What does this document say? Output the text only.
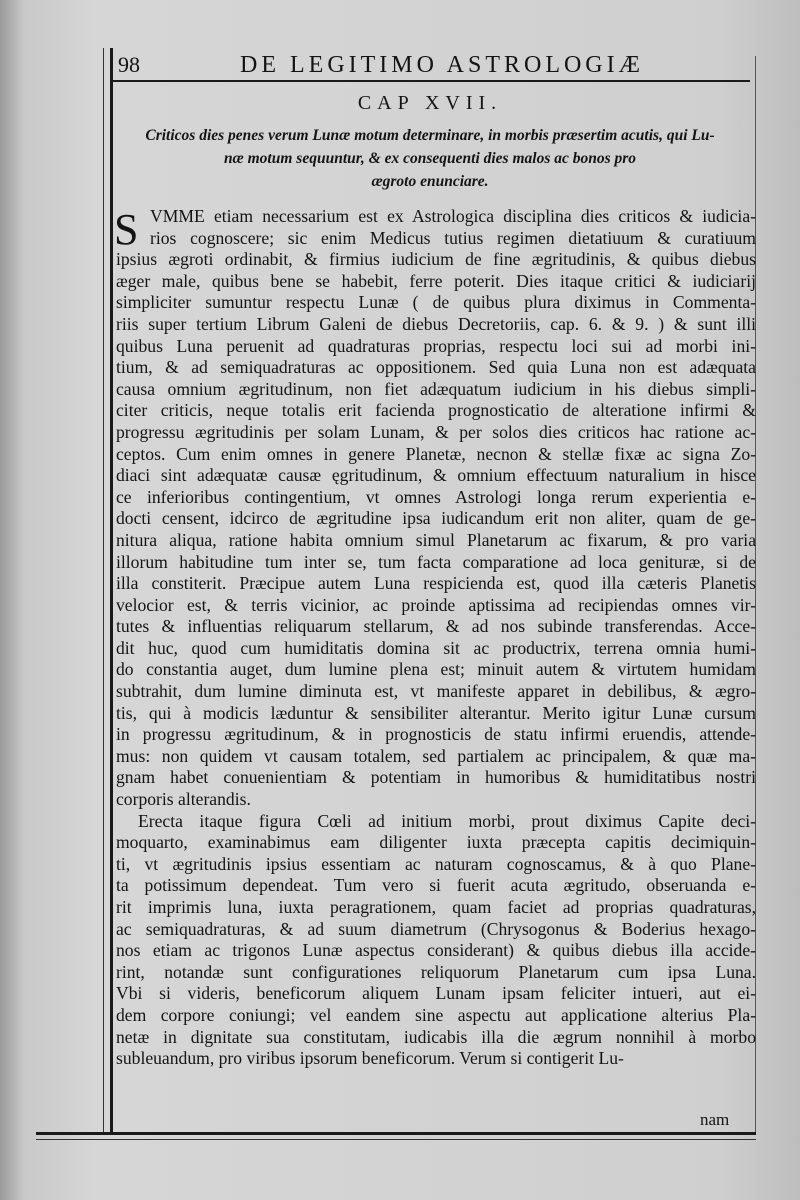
98	DE LEGITIMO ASTROLOGIÆ
CAP XVII.
Criticos dies penes verum Lunæ motum determinare, in morbis præsertim acutis, qui Lu-
næ motum sequuntur, & ex consequenti dies malos ac bonos pro
ægroto enunciare.
VMME etiam necessarium est ex Astrologica disciplina dies criticos & iudicia-
S rios cognoscere; sic enim Medicus tutius regimen dietatiuum & curatiuum
ipsius ægroti ordinabit, & firmius iudicium de fine ægritudinis, & quibus diebus
æger male, quibus bene se habebit, ferre poterit. Dies itaque critici & iudiciarij
simpliciter sumuntur respectu Lunæ ( de quibus plura diximus in Commenta-
riis super tertium Librum Galeni de diebus Decretoriis, cap. 6. & 9. ) & sunt illi
quibus Luna peruenit ad quadraturas proprias, respectu loci sui ad morbi ini-
tium, & ad semiquadraturas ac oppositionem. Sed quia Luna non est adæquata
causa omnium ægritudinum, non fiet adæquatum iudicium in his diebus simpli-
citer criticis, neque totalis erit facienda prognosticatio de alteratione infirmi &
progressu ægritudinis per solam Lunam, & per solos dies criticos hac ratione ac-
ceptos. Cum enim omnes in genere Planetæ, necnon & stellæ fixæ ac signa Zo-
diaci sint adæquatæ causæ ęgritudinum, & omnium effectuum naturalium in hisce
ce inferioribus contingentium, vt omnes Astrologi longa rerum experientia e-
docti censent, idcirco de ægritudine ipsa iudicandum erit non aliter, quam de ge-
nitura aliqua, ratione habita omnium simul Planetarum ac fixarum, & pro varia
illorum habitudine tum inter se, tum facta comparatione ad loca genituræ, si de
illa constiterit. Præcipue autem Luna respicienda est, quod illa cæteris Planetis
velocior est, & terris vicinior, ac proinde aptissima ad recipiendas omnes vir-
tutes & influentias reliquarum stellarum, & ad nos subinde transferendas. Acce-
dit huc, quod cum humiditatis domina sit ac productrix, terrena omnia humi-
do constantia auget, dum lumine plena est; minuit autem & virtutem humidam
subtrahit, dum lumine diminuta est, vt manifeste apparet in debilibus, & ægro-
tis, qui à modicis læduntur & sensibiliter alterantur. Merito igitur Lunæ cursum
in progressu ægritudinum, & in prognosticis de statu infirmi eruendis, attende-
mus: non quidem vt causam totalem, sed partialem ac principalem, & quæ ma-
gnam habet conuenientiam & potentiam in humoribus & humiditatibus nostri
corporis alterandis.
Erecta itaque figura Cœli ad initium morbi, prout diximus Capite deci-
moquarto, examinabimus eam diligenter iuxta præcepta capitis decimiquin-
ti, vt ægritudinis ipsius essentiam ac naturam cognoscamus, & à quo Plane-
ta potissimum dependeat. Tum vero si fuerit acuta ægritudo, obseruanda e-
rit imprimis luna, iuxta peragrationem, quam faciet ad proprias quadraturas,
ac semiquadraturas, & ad suum diametrum (Chrysogonus & Boderius hexago-
nos etiam ac trigonos Lunæ aspectus considerant) & quibus diebus illa accide-
rint, notandæ sunt configurationes reliquorum Planetarum cum ipsa Luna.
Vbi si videris, beneficorum aliquem Lunam ipsam feliciter intueri, aut ei-
dem corpore coniungi; vel eandem sine aspectu aut applicatione alterius Pla-
netæ in dignitate sua constitutam, iudicabis illa die ægrum nonnihil à morbo
subleuandum, pro viribus ipsorum beneficorum. Verum si contigerit Lu-
nam
